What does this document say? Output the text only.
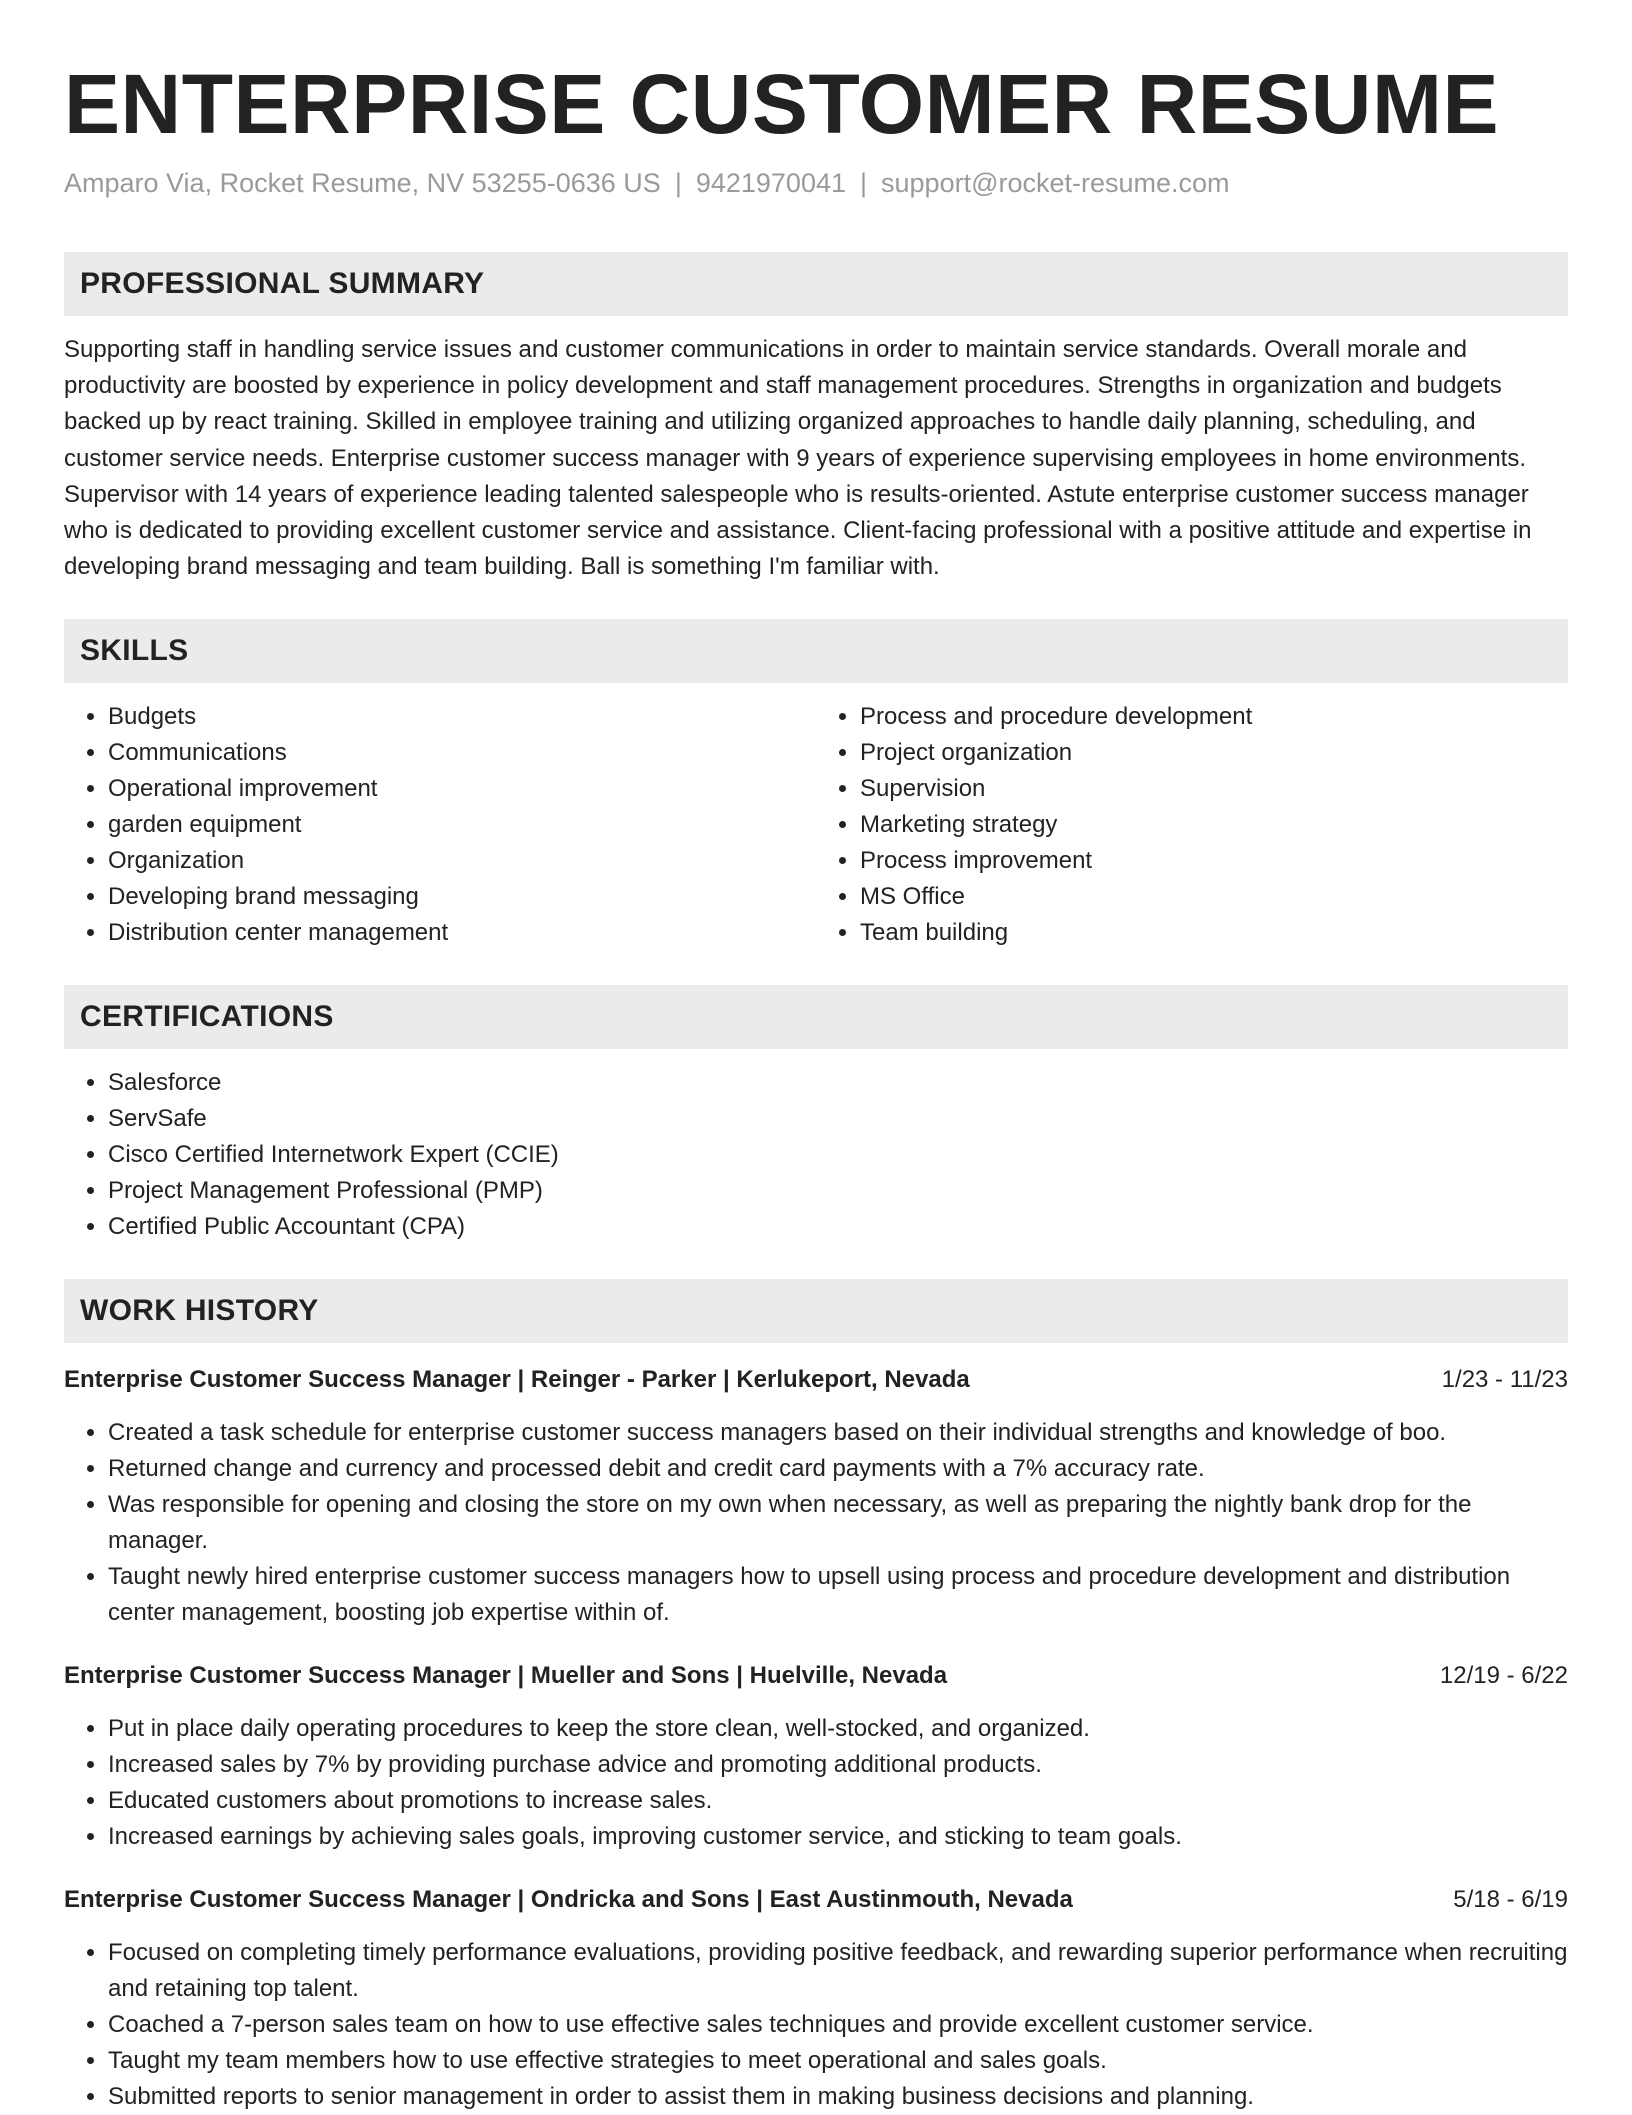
ENTERPRISE CUSTOMER RESUME
Amparo Via, Rocket Resume, NV 53255-0636 US | 9421970041 | support@rocket-resume.com
PROFESSIONAL SUMMARY

Supporting staff in handling service issues and customer communications in order to maintain service standards. Overall morale and productivity are boosted by experience in policy development and staff management procedures. Strengths in organization and budgets backed up by react training. Skilled in employee training and utilizing organized approaches to handle daily planning, scheduling, and customer service needs. Enterprise customer success manager with 9 years of experience supervising employees in home environments. Supervisor with 14 years of experience leading talented salespeople who is results-oriented. Astute enterprise customer success manager who is dedicated to providing excellent customer service and assistance. Client-facing professional with a positive attitude and expertise in developing brand messaging and team building. Ball is something I'm familiar with.

SKILLS
• Budgets
• Communications
• Operational improvement
• garden equipment
• Organization
• Developing brand messaging
• Distribution center management
• Process and procedure development
• Project organization
• Supervision
• Marketing strategy
• Process improvement
• MS Office
• Team building
CERTIFICATIONS
• Salesforce
• ServSafe
• Cisco Certified Internetwork Expert (CCIE)
• Project Management Professional (PMP)
• Certified Public Accountant (CPA)
WORK HISTORY
Enterprise Customer Success Manager | Reinger - Parker | Kerlukeport, Nevada	1/23 - 11/23
• Created a task schedule for enterprise customer success managers based on their individual strengths and knowledge of boo.
• Returned change and currency and processed debit and credit card payments with a 7% accuracy rate.
• Was responsible for opening and closing the store on my own when necessary, as well as preparing the nightly bank drop for the manager.
• Taught newly hired enterprise customer success managers how to upsell using process and procedure development and distribution center management, boosting job expertise within of.
Enterprise Customer Success Manager | Mueller and Sons | Huelville, Nevada	12/19 - 6/22
• Put in place daily operating procedures to keep the store clean, well-stocked, and organized.
• Increased sales by 7% by providing purchase advice and promoting additional products.
• Educated customers about promotions to increase sales.
• Increased earnings by achieving sales goals, improving customer service, and sticking to team goals.
Enterprise Customer Success Manager | Ondricka and Sons | East Austinmouth, Nevada	5/18 - 6/19
• Focused on completing timely performance evaluations, providing positive feedback, and rewarding superior performance when recruiting and retaining top talent.
• Coached a 7-person sales team on how to use effective sales techniques and provide excellent customer service.
• Taught my team members how to use effective strategies to meet operational and sales goals.
• Submitted reports to senior management in order to assist them in making business decisions and planning.
